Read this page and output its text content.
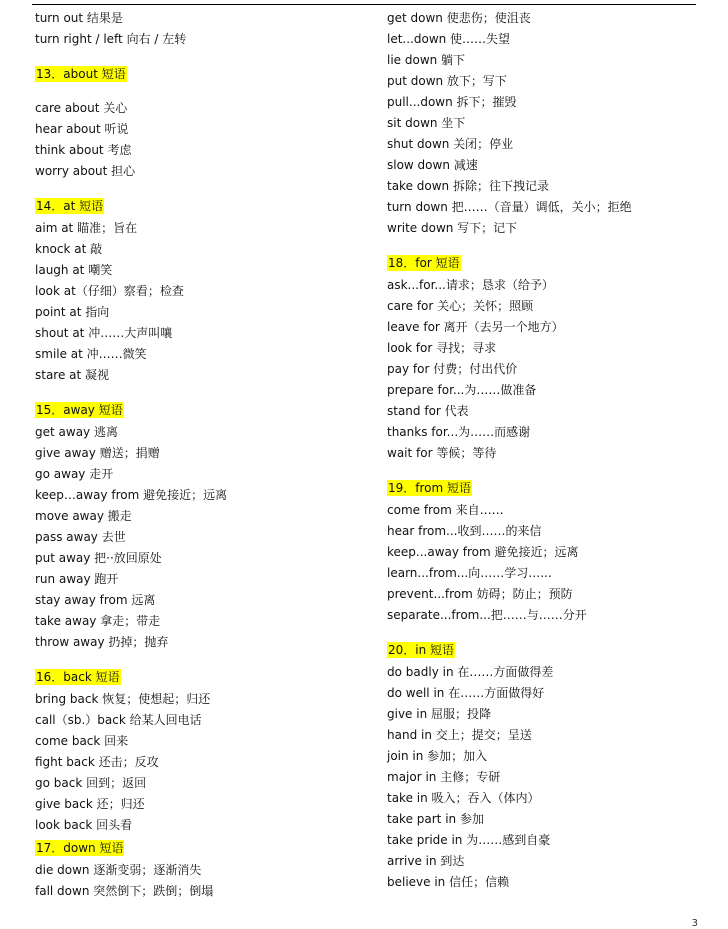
turn out 结果是
turn right / left 向右 / 左转
13．about 短语
care about 关心
hear about 听说
think about 考虑
worry about 担心
14．at 短语
aim at 瞄准；旨在
knock at 敲
laugh at 嘲笑
look at（仔细）察看；检查
point at 指向
shout at 冲……大声叫嚷
smile at 冲……微笑
stare at 凝视
15．away 短语
get away 逃离
give away 赠送；捐赠
go away 走开
keep…away from 避免接近；远离
move away 搬走
pass away 去世
put away 把··放回原处
run away 跑开
stay away from 远离
take away 拿走；带走
throw away 扔掉；抛弃
16．back 短语
bring back 恢复；使想起；归还
call（sb.）back 给某人回电话
come back 回来
fight back 还击；反攻
go back 回到；返回
give back 还；归还
look back 回头看
17．down 短语
die down 逐渐变弱；逐渐消失
fall down 突然倒下；跌倒；倒塌
get down 使悲伤；使沮丧
let...down 使……失望
lie down 躺下
put down 放下；写下
pull...down 拆下；摧毁
sit down 坐下
shut down 关闭；停业
slow down 减速
take down 拆除；往下拽记录
turn down 把……（音量）调低，关小；拒绝
write down 写下；记下
18．for 短语
ask...for...请求；恳求（给予）
care for 关心；关怀；照顾
leave for 离开（去另一个地方）
look for 寻找；寻求
pay for 付费；付出代价
prepare for...为……做准备
stand for 代表
thanks for...为……而感谢
wait for 等候；等待
19．from 短语
come from 来自……
hear from...收到……的来信
keep...away from 避免接近；远离
learn...from...向……学习…...
prevent...from 妨碍；防止；预防
separate...from...把……与……分开
20．in 短语
do badly in 在……方面做得差
do well in 在……方面做得好
give in 屈服；投降
hand in 交上；提交；呈送
join in 参加；加入
major in 主修；专研
take in 吸入；吞入（体内）
take part in 参加
take pride in 为……感到自豪
arrive in 到达
believe in 信任；信赖
3
